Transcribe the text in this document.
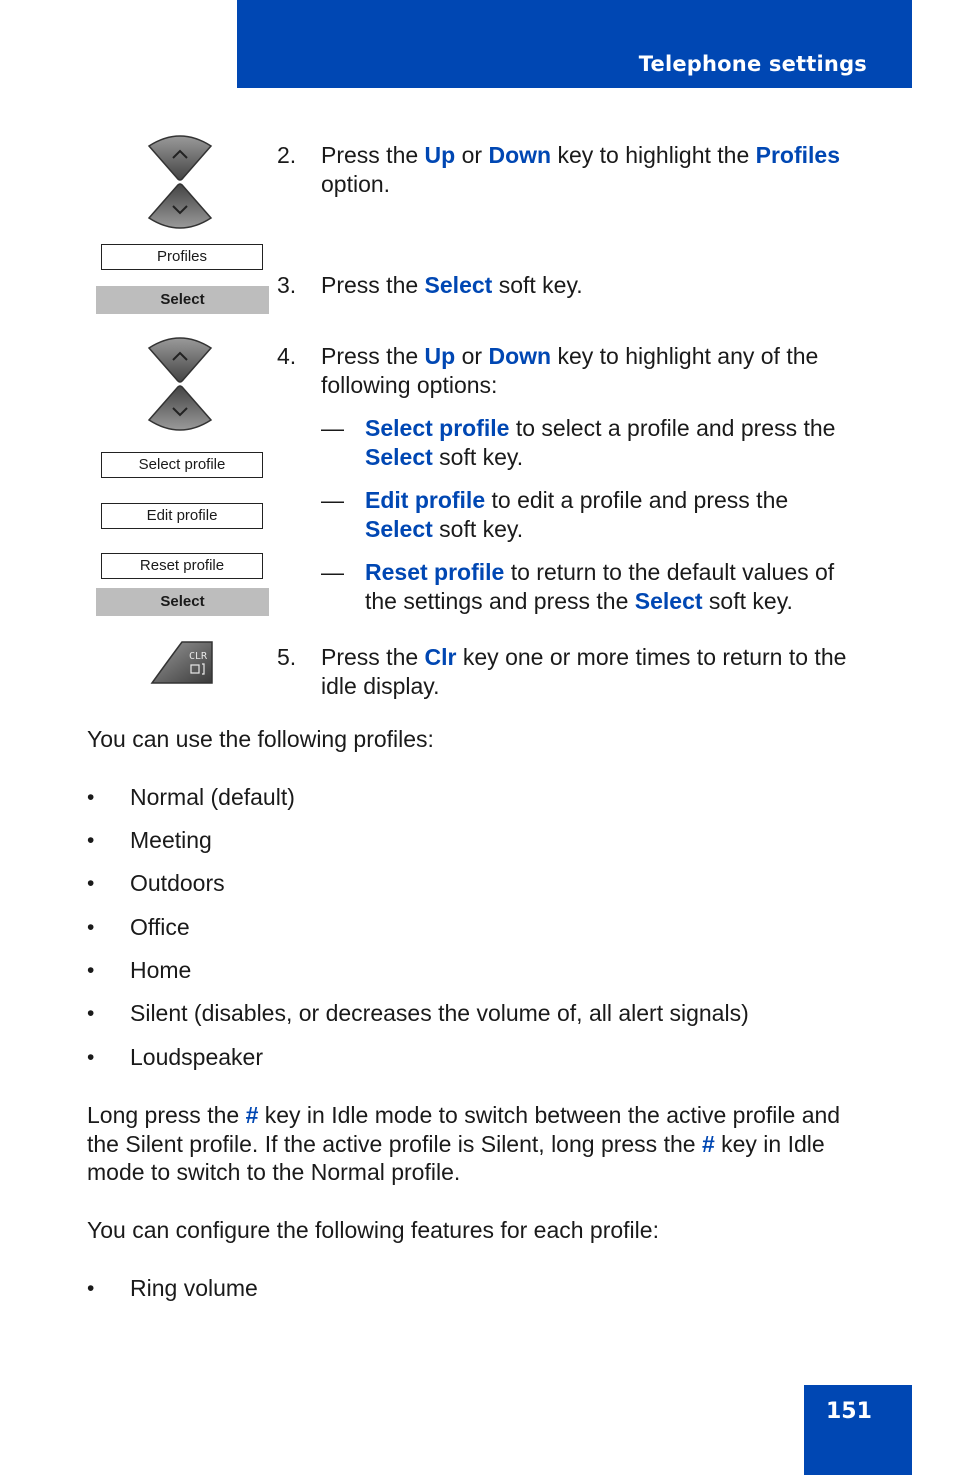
Telephone settings
Profiles
Select
Select profile
Edit profile
Reset profile
Select
CLR
2. Press the Up or Down key to highlight the Profiles
option.
3. Press the Select soft key.
4. Press the Up or Down key to highlight any of the
following options:
— Select profile to select a profile and press the
Select soft key.
— Edit profile to edit a profile and press the
Select soft key.
— Reset profile to return to the default values of
the settings and press the Select soft key.
5. Press the Clr key one or more times to return to the
idle display.
You can use the following profiles:
• Normal (default)
• Meeting
• Outdoors
• Office
• Home
• Silent (disables, or decreases the volume of, all alert signals)
• Loudspeaker
Long press the # key in Idle mode to switch between the active profile and
the Silent profile. If the active profile is Silent, long press the # key in Idle
mode to switch to the Normal profile.
You can configure the following features for each profile:
• Ring volume
151
